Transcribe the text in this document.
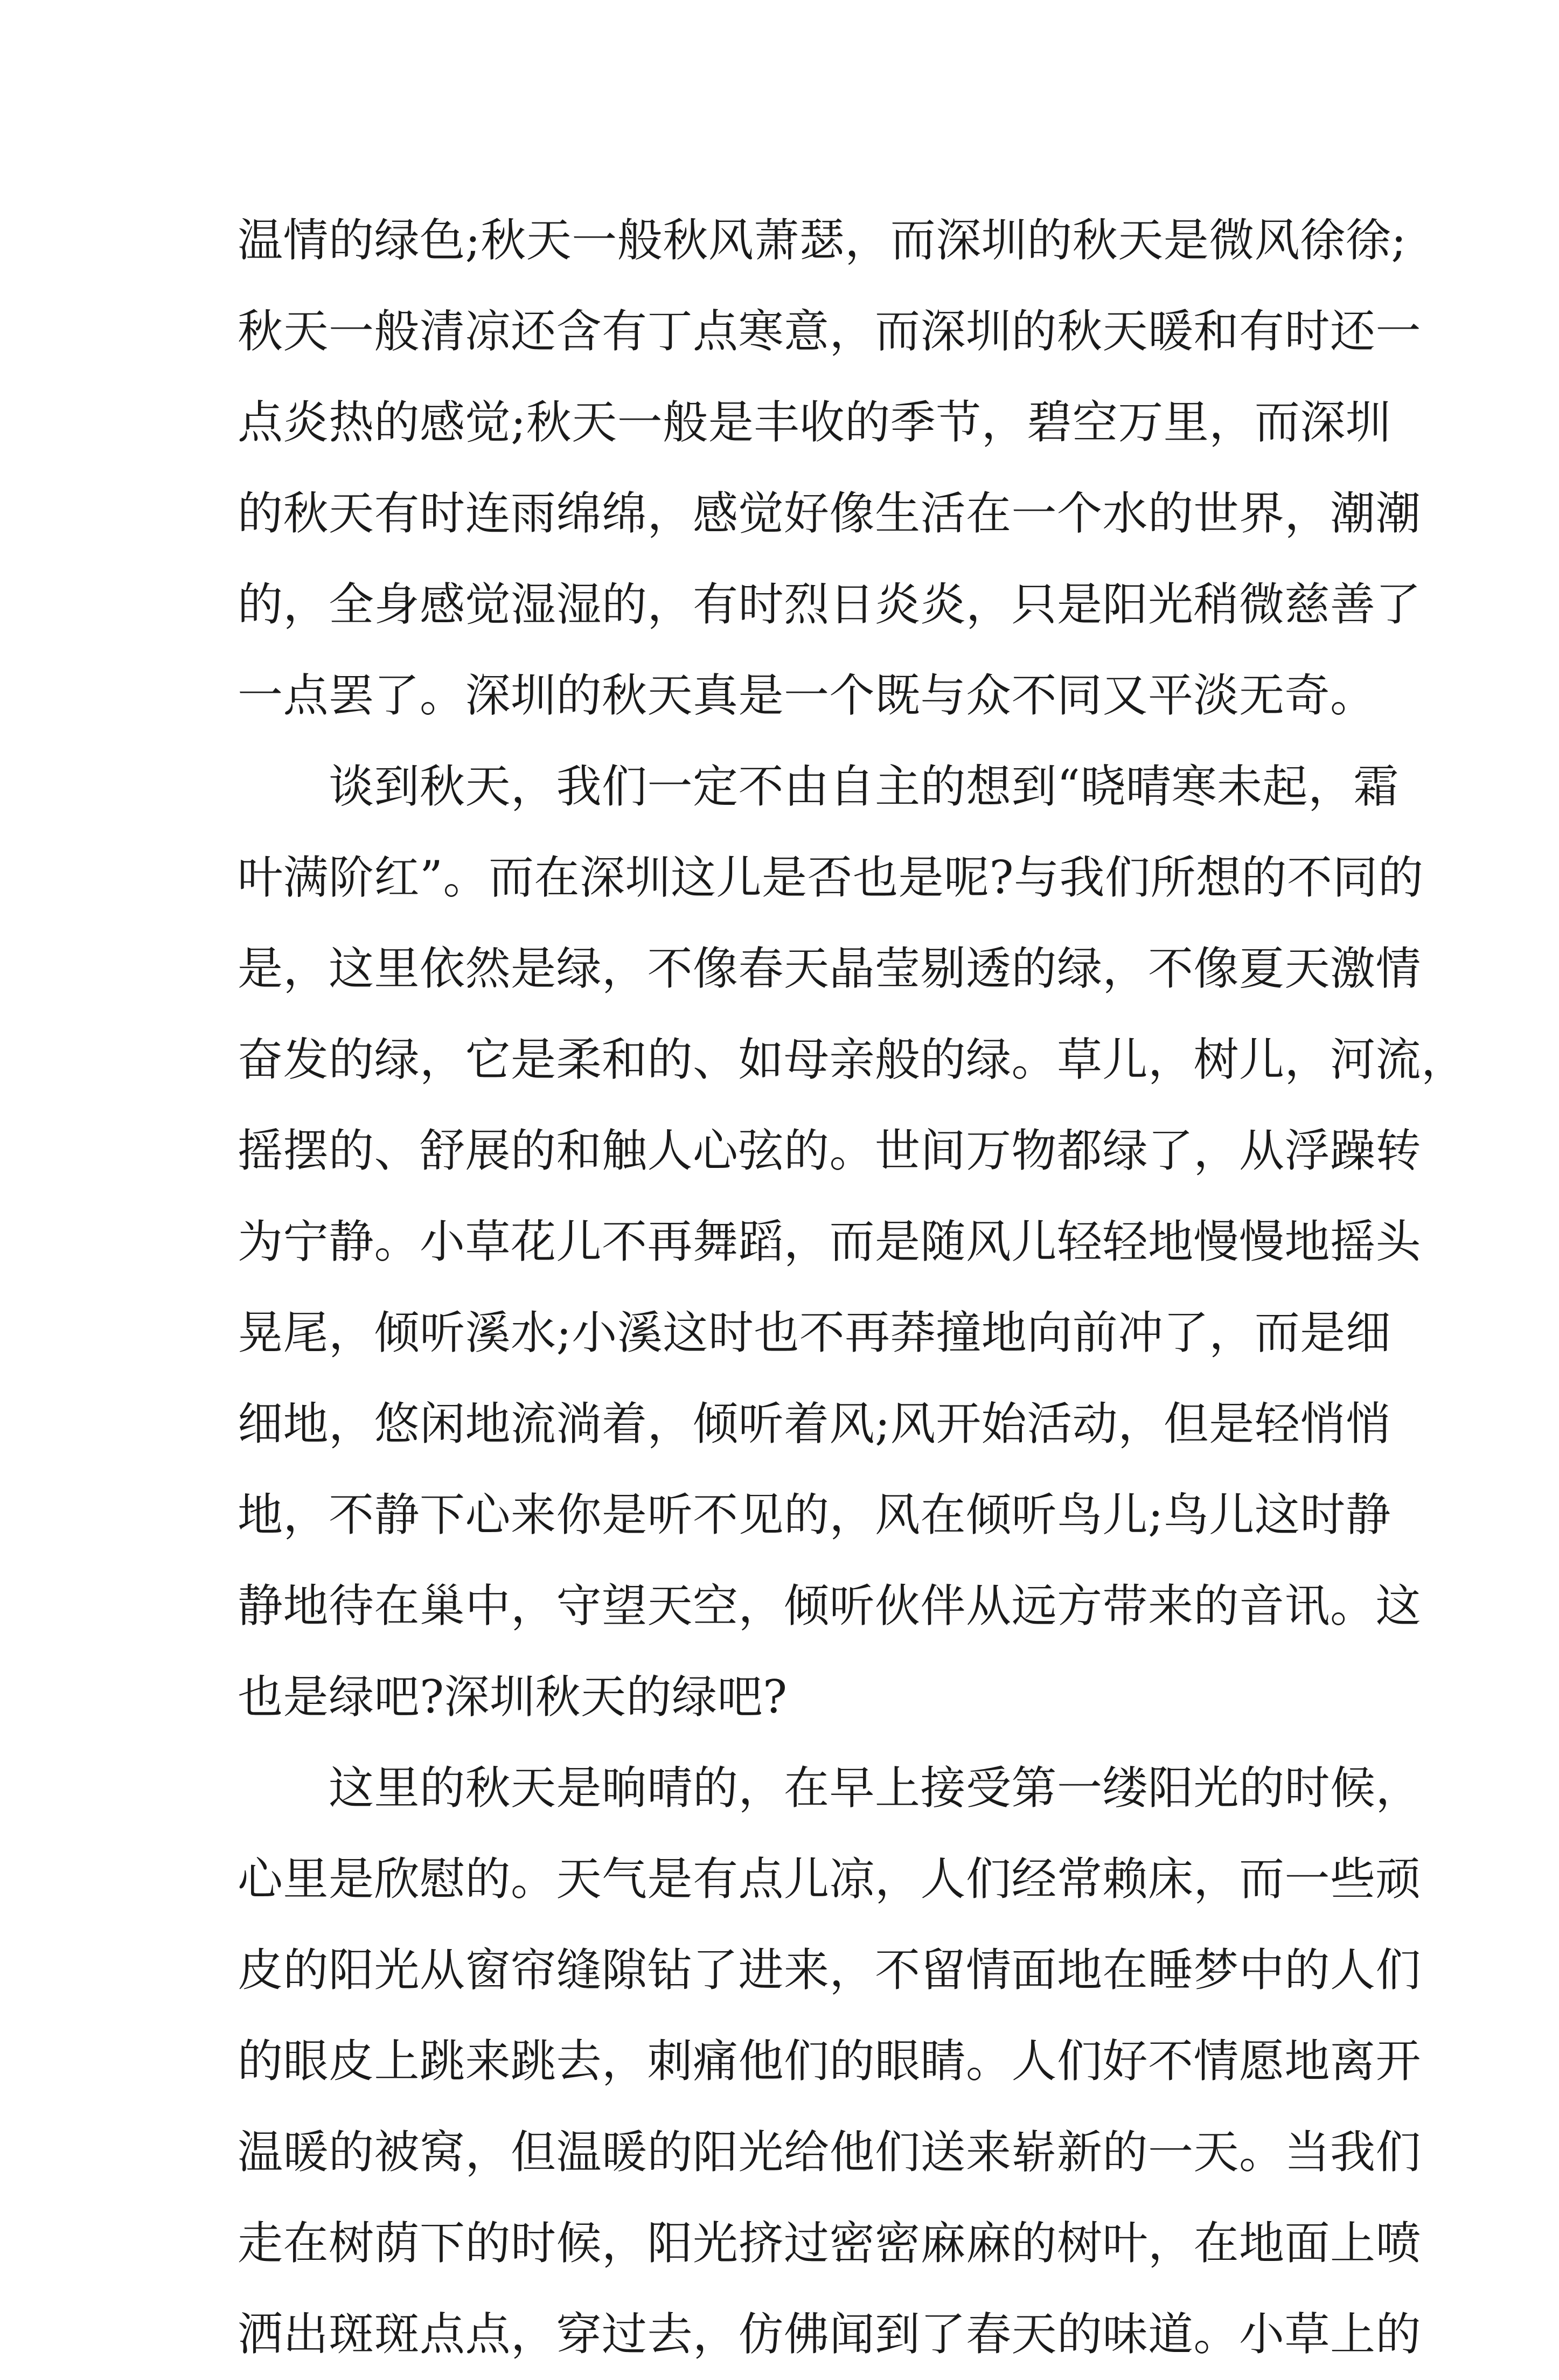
温情的绿色;秋天一般秋风萧瑟，而深圳的秋天是微风徐徐;
秋天一般清凉还含有丁点寒意，而深圳的秋天暖和有时还一
点炎热的感觉;秋天一般是丰收的季节，碧空万里，而深圳
的秋天有时连雨绵绵，感觉好像生活在一个水的世界，潮潮
的，全身感觉湿湿的，有时烈日炎炎，只是阳光稍微慈善了
一点罢了。深圳的秋天真是一个既与众不同又平淡无奇。
　　谈到秋天，我们一定不由自主的想到“晓晴寒未起，霜
叶满阶红”。而在深圳这儿是否也是呢?与我们所想的不同的
是，这里依然是绿，不像春天晶莹剔透的绿，不像夏天激情
奋发的绿，它是柔和的、如母亲般的绿。草儿，树儿，河流，
摇摆的、舒展的和触人心弦的。世间万物都绿了，从浮躁转
为宁静。小草花儿不再舞蹈，而是随风儿轻轻地慢慢地摇头
晃尾，倾听溪水;小溪这时也不再莽撞地向前冲了，而是细
细地，悠闲地流淌着，倾听着风;风开始活动，但是轻悄悄
地，不静下心来你是听不见的，风在倾听鸟儿;鸟儿这时静
静地待在巢中，守望天空，倾听伙伴从远方带来的音讯。这
也是绿吧?深圳秋天的绿吧?
　　这里的秋天是晌晴的，在早上接受第一缕阳光的时候，
心里是欣慰的。天气是有点儿凉，人们经常赖床，而一些顽
皮的阳光从窗帘缝隙钻了进来，不留情面地在睡梦中的人们
的眼皮上跳来跳去，刺痛他们的眼睛。人们好不情愿地离开
温暖的被窝，但温暖的阳光给他们送来崭新的一天。当我们
走在树荫下的时候，阳光挤过密密麻麻的树叶，在地面上喷
洒出斑斑点点，穿过去，仿佛闻到了春天的味道。小草上的
